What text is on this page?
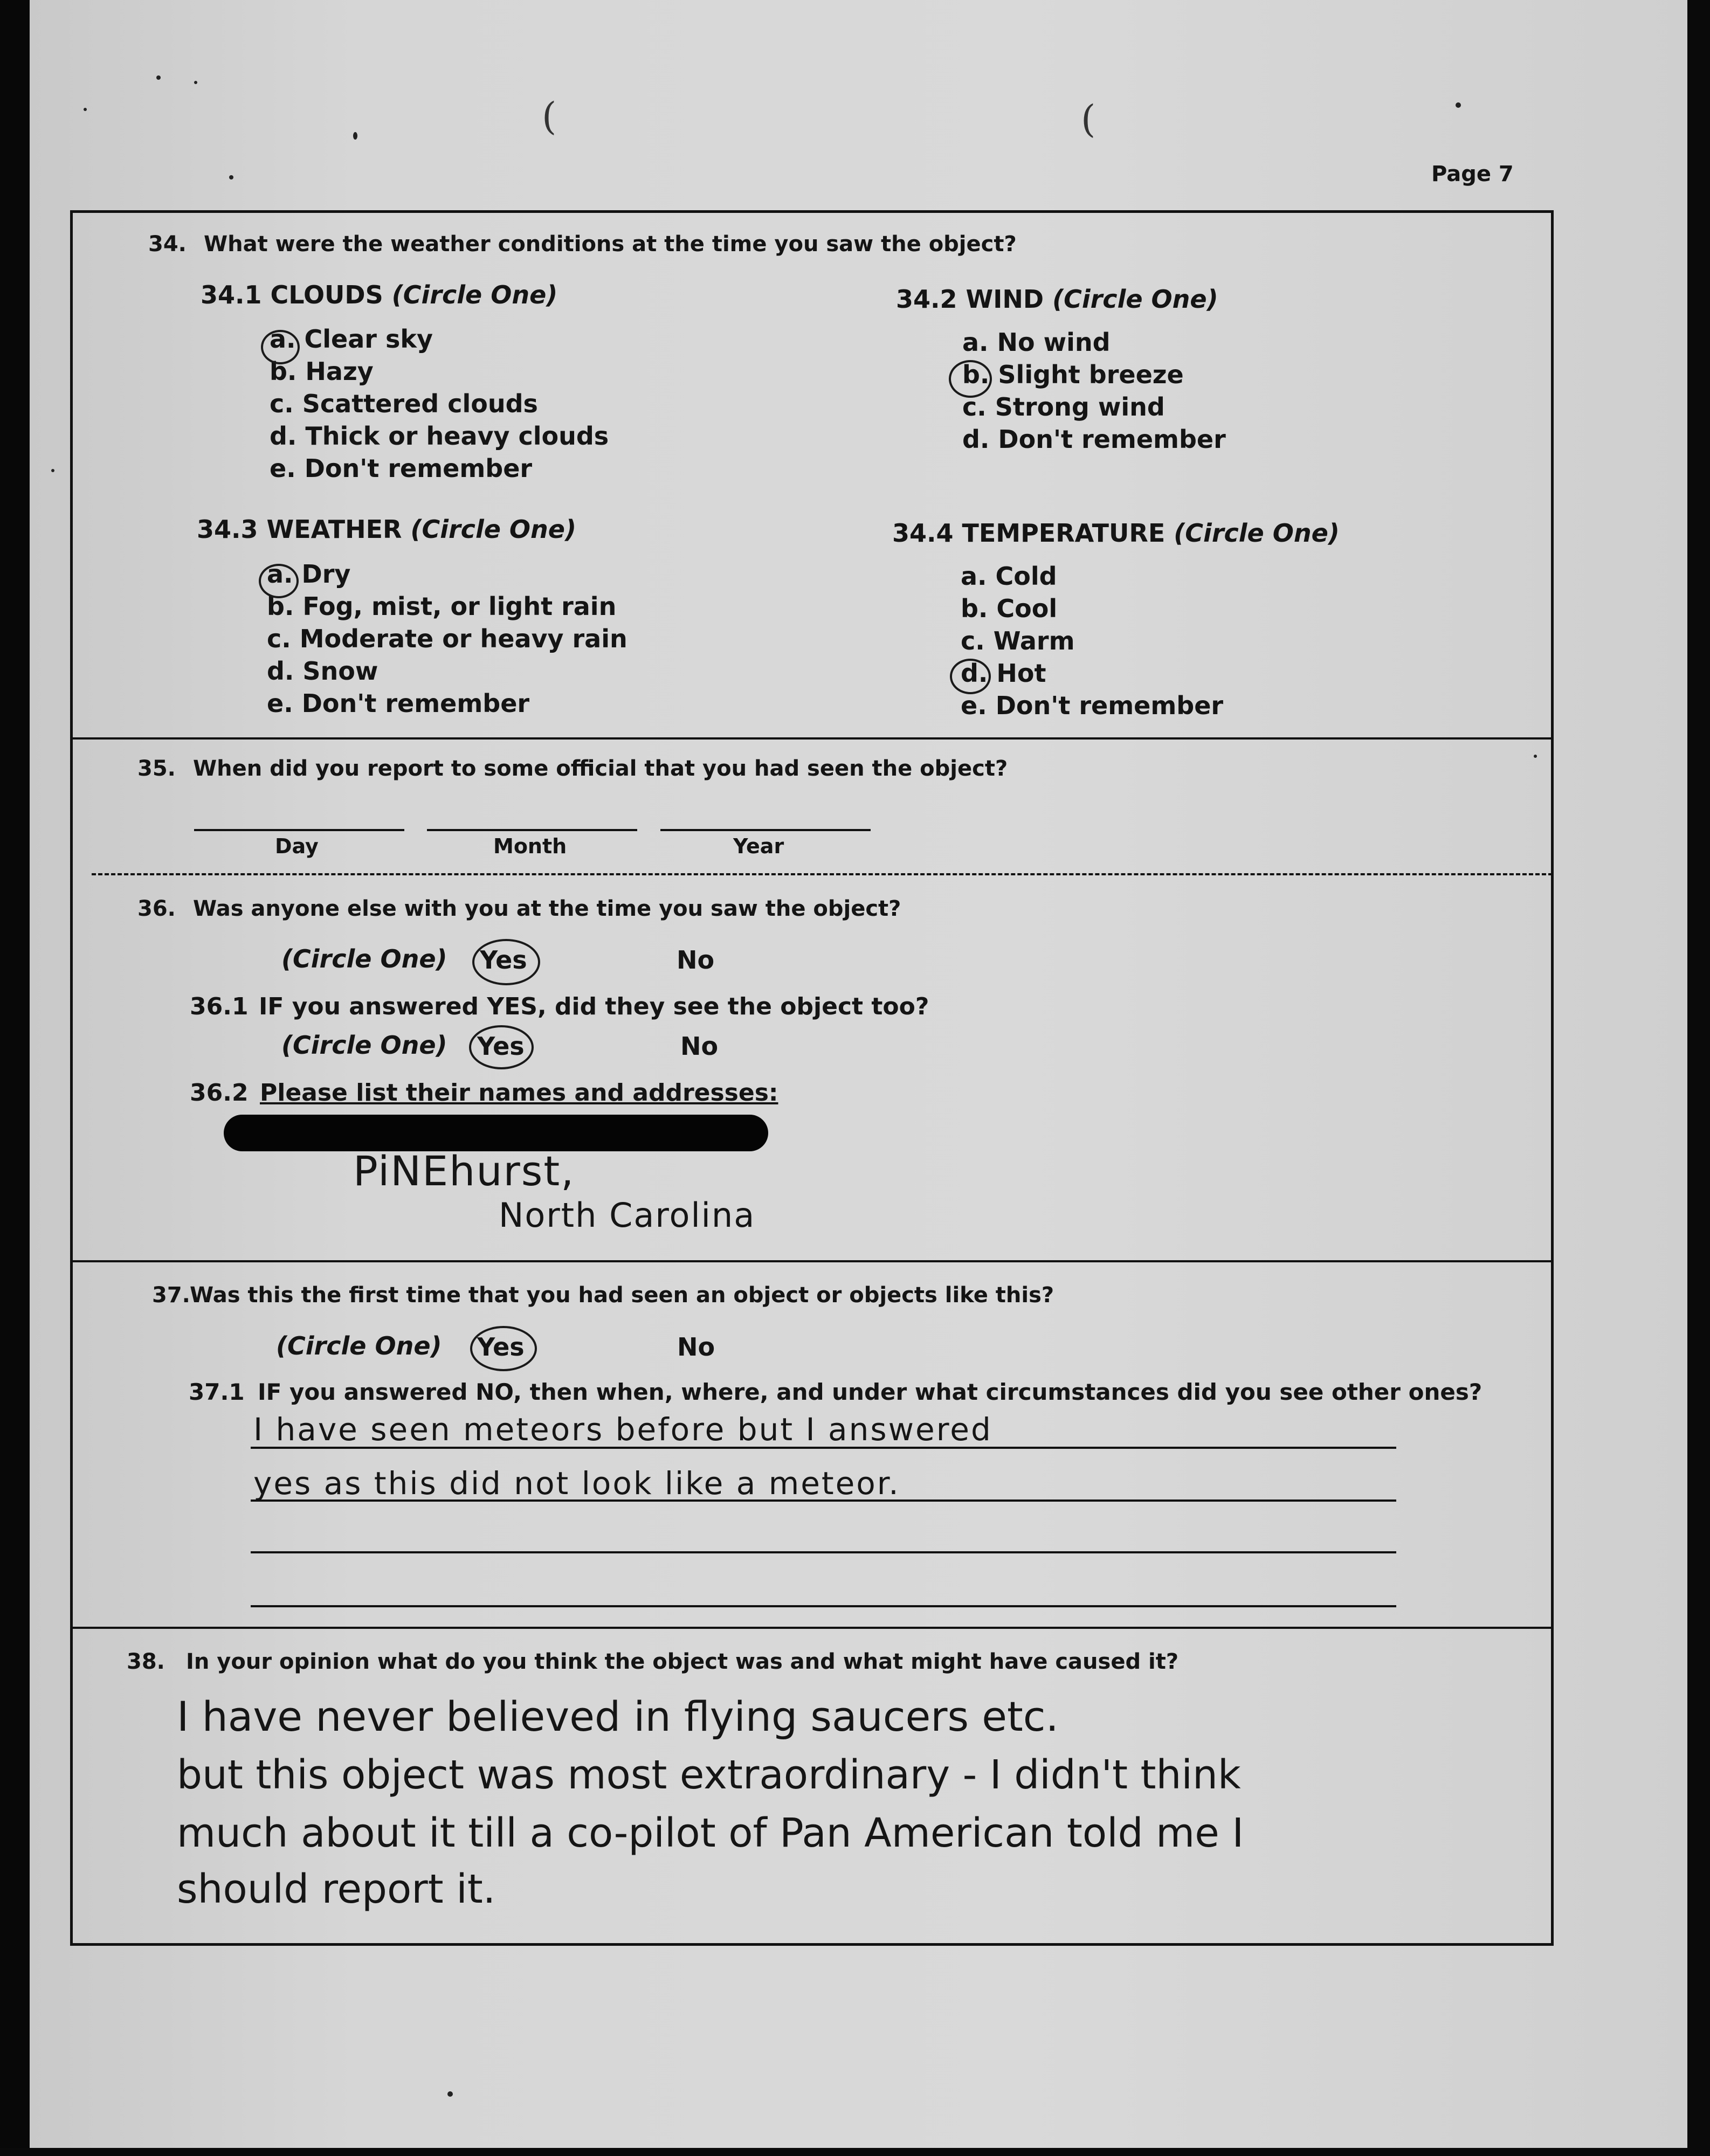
(	(
Page 7
34. What were the weather conditions at the time you saw the object?
34.1 CLOUDS (Circle One)
a. Clear sky
b. Hazy
c. Scattered clouds
d. Thick or heavy clouds
e. Don't remember
34.2 WIND (Circle One)
a. No wind
b. Slight breeze
c. Strong wind
d. Don't remember
34.3 WEATHER (Circle One)
a. Dry
b. Fog, mist, or light rain
c. Moderate or heavy rain
d. Snow
e. Don't remember
34.4 TEMPERATURE (Circle One)
a. Cold
b. Cool
c. Warm
d. Hot
e. Don't remember
35. When did you report to some official that you had seen the object?
Day	Month	Year
36. Was anyone else with you at the time you saw the object?
(Circle One) Yes	No
36.1 IF you answered YES, did they see the object too?
(Circle One) Yes	No
36.2 Please list their names and addresses:
PiNEhurst,
North Carolina
37. Was this the first time that you had seen an object or objects like this?
(Circle One) Yes	No
37.1 IF you answered NO, then when, where, and under what circumstances did you see other ones?
I have seen meteors before but I answered
yes as this did not look like a meteor.
38. In your opinion what do you think the object was and what might have caused it?
I have never believed in flying saucers etc.
but this object was most extraordinary - I didn't think
much about it till a co-pilot of Pan American told me I
should report it.
